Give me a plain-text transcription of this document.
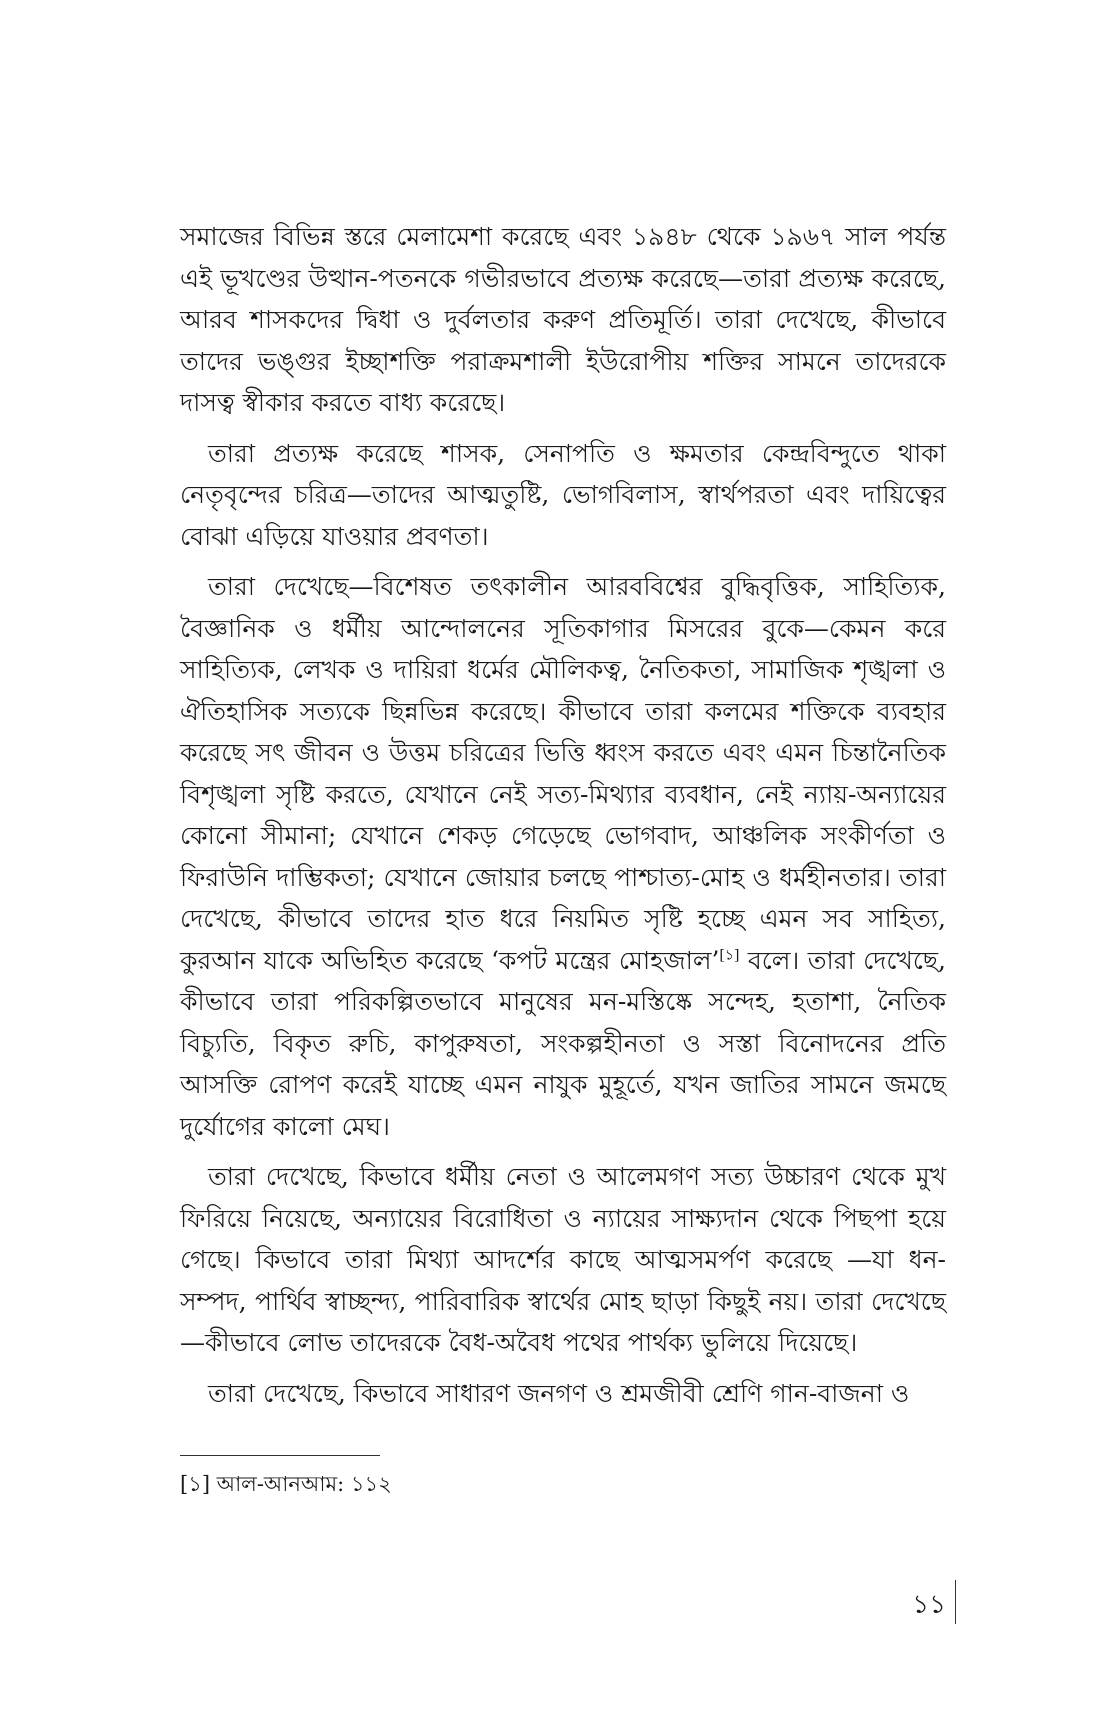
সমাজের বিভিন্ন স্তরে মেলামেশা করেছে এবং ১৯৪৮ থেকে ১৯৬৭ সাল পর্যন্ত এই ভূখণ্ডের উত্থান-পতনকে গভীরভাবে প্রত্যক্ষ করেছে—তারা প্রত্যক্ষ করেছে, আরব শাসকদের দ্বিধা ও দুর্বলতার করুণ প্রতিমূর্তি। তারা দেখেছে, কীভাবে তাদের ভঙ্গুর ইচ্ছাশক্তি পরাক্রমশালী ইউরোপীয় শক্তির সামনে তাদেরকে দাসত্ব স্বীকার করতে বাধ্য করেছে।

তারা প্রত্যক্ষ করেছে শাসক, সেনাপতি ও ক্ষমতার কেন্দ্রবিন্দুতে থাকা নেতৃবৃন্দের চরিত্র—তাদের আত্মতুষ্টি, ভোগবিলাস, স্বার্থপরতা এবং দায়িত্বের বোঝা এড়িয়ে যাওয়ার প্রবণতা।

তারা দেখেছে—বিশেষত তৎকালীন আরববিশ্বের বুদ্ধিবৃত্তিক, সাহিত্যিক, বৈজ্ঞানিক ও ধর্মীয় আন্দোলনের সূতিকাগার মিসরের বুকে—কেমন করে সাহিত্যিক, লেখক ও দায়িরা ধর্মের মৌলিকত্ব, নৈতিকতা, সামাজিক শৃঙ্খলা ও ঐতিহাসিক সত্যকে ছিন্নভিন্ন করেছে। কীভাবে তারা কলমের শক্তিকে ব্যবহার করেছে সৎ জীবন ও উত্তম চরিত্রের ভিত্তি ধ্বংস করতে এবং এমন চিন্তানৈতিক বিশৃঙ্খলা সৃষ্টি করতে, যেখানে নেই সত্য-মিথ্যার ব্যবধান, নেই ন্যায়-অন্যায়ের কোনো সীমানা; যেখানে শেকড় গেড়েছে ভোগবাদ, আঞ্চলিক সংকীর্ণতা ও ফিরাউনি দাম্ভিকতা; যেখানে জোয়ার চলছে পাশ্চাত্য-মোহ ও ধর্মহীনতার। তারা দেখেছে, কীভাবে তাদের হাত ধরে নিয়মিত সৃষ্টি হচ্ছে এমন সব সাহিত্য, কুরআন যাকে অভিহিত করেছে ‘কপট মন্ত্রের মোহজাল’[১] বলে। তারা দেখেছে, কীভাবে তারা পরিকল্পিতভাবে মানুষের মন-মস্তিষ্কে সন্দেহ, হতাশা, নৈতিক বিচ্যুতি, বিকৃত রুচি, কাপুরুষতা, সংকল্পহীনতা ও সস্তা বিনোদনের প্রতি আসক্তি রোপণ করেই যাচ্ছে এমন নাযুক মুহূর্তে, যখন জাতির সামনে জমছে দুর্যোগের কালো মেঘ।

তারা দেখেছে, কিভাবে ধর্মীয় নেতা ও আলেমগণ সত্য উচ্চারণ থেকে মুখ ফিরিয়ে নিয়েছে, অন্যায়ের বিরোধিতা ও ন্যায়ের সাক্ষ্যদান থেকে পিছপা হয়ে গেছে। কিভাবে তারা মিথ্যা আদর্শের কাছে আত্মসমর্পণ করেছে —যা ধন-সম্পদ, পার্থিব স্বাচ্ছন্দ্য, পারিবারিক স্বার্থের মোহ ছাড়া কিছুই নয়। তারা দেখেছে—কীভাবে লোভ তাদেরকে বৈধ-অবৈধ পথের পার্থক্য ভুলিয়ে দিয়েছে।

তারা দেখেছে, কিভাবে সাধারণ জনগণ ও শ্রমজীবী শ্রেণি গান-বাজনা ও

[১] আল-আনআম: ১১২
১১
